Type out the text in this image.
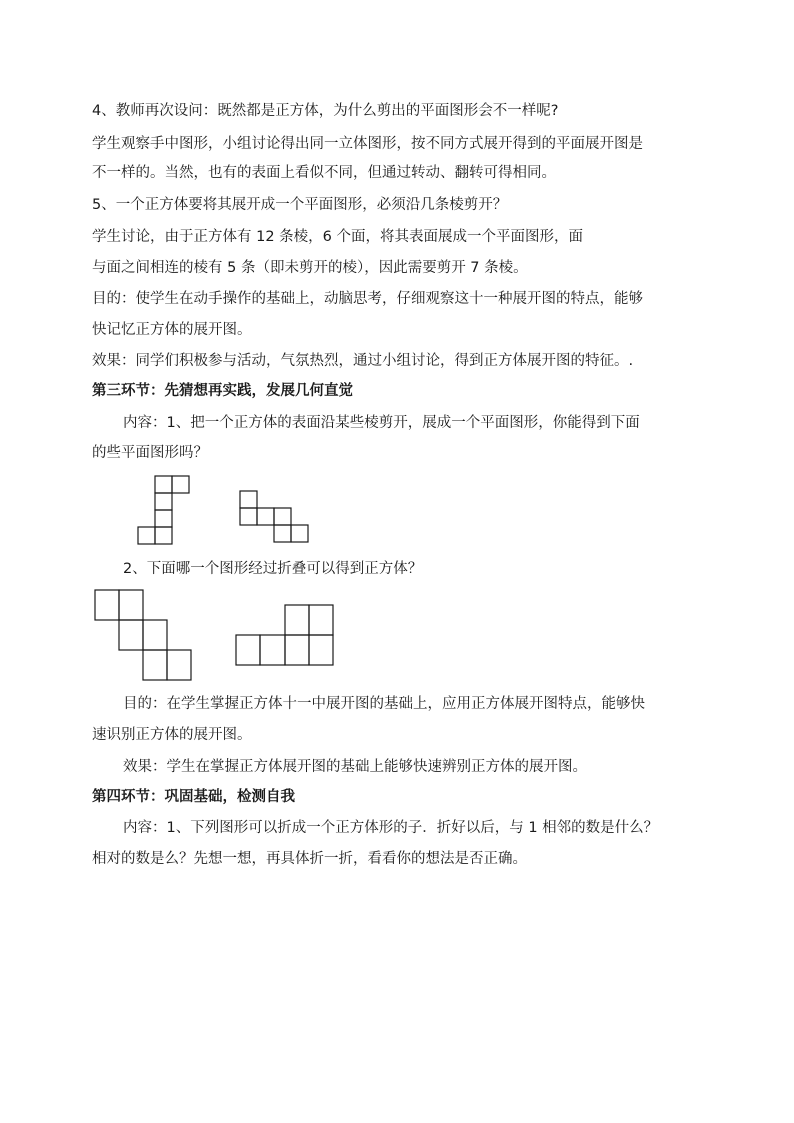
4、教师再次设问：既然都是正方体，为什么剪出的平面图形会不一样呢?
学生观察手中图形，小组讨论得出同一立体图形，按不同方式展开得到的平面展开图是
不一样的。当然，也有的表面上看似不同，但通过转动、翻转可得相同。
5、一个正方体要将其展开成一个平面图形，必须沿几条棱剪开？
学生讨论，由于正方体有 12 条棱，6 个面，将其表面展成一个平面图形，面
与面之间相连的棱有 5 条（即未剪开的棱），因此需要剪开 7 条棱。
目的：使学生在动手操作的基础上，动脑思考，仔细观察这十一种展开图的特点，能够
快记忆正方体的展开图。
效果：同学们积极参与活动，气氛热烈，通过小组讨论，得到正方体展开图的特征。.
第三环节：先猜想再实践，发展几何直觉
内容：1、把一个正方体的表面沿某些棱剪开，展成一个平面图形，你能得到下面
的些平面图形吗？
2、下面哪一个图形经过折叠可以得到正方体？
目的：在学生掌握正方体十一中展开图的基础上，应用正方体展开图特点，能够快
速识别正方体的展开图。
效果：学生在掌握正方体展开图的基础上能够快速辨别正方体的展开图。
第四环节：巩固基础，检测自我
内容：1、下列图形可以折成一个正方体形的子．折好以后，与 1 相邻的数是什么？
相对的数是么？先想一想，再具体折一折，看看你的想法是否正确。
